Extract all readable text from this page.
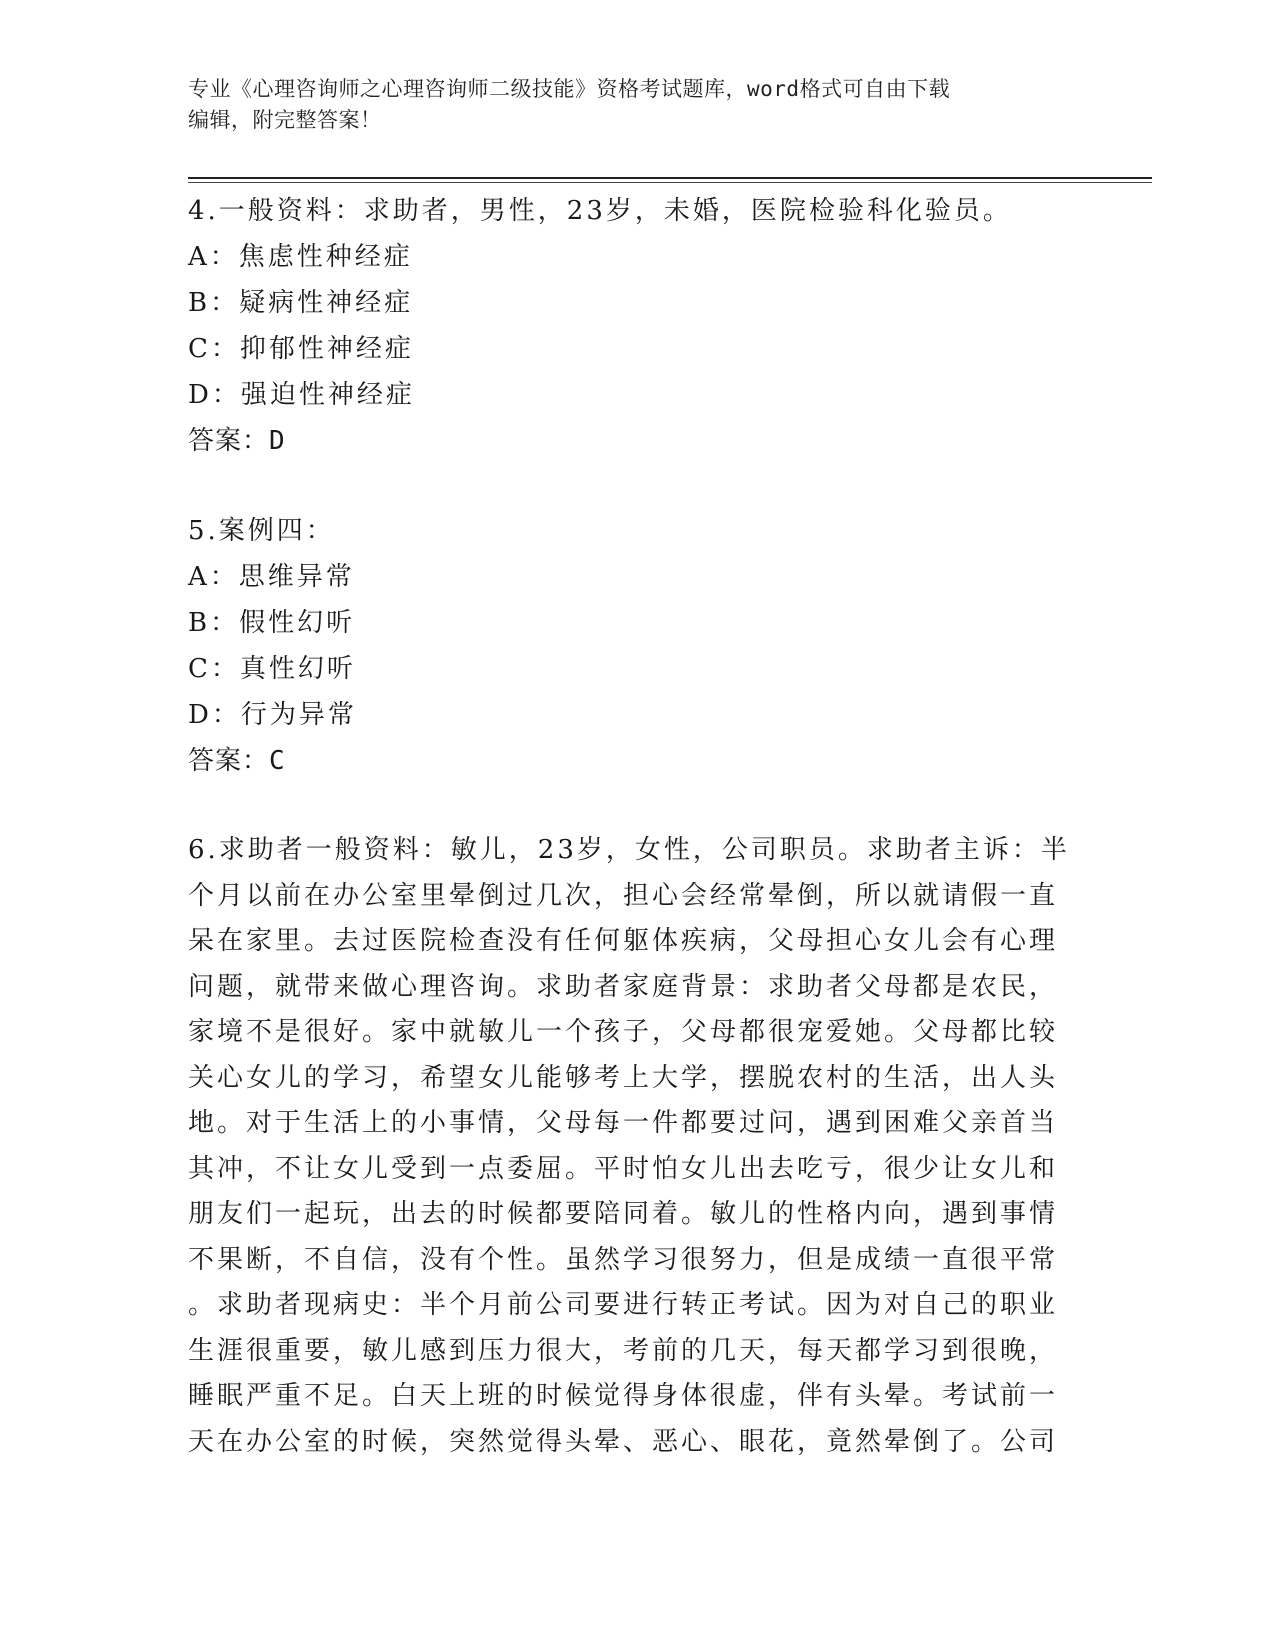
专业《心理咨询师之心理咨询师二级技能》资格考试题库，word格式可自由下载
编辑，附完整答案！
4.一般资料：求助者，男性，23岁，未婚，医院检验科化验员。
A：焦虑性种经症
B：疑病性神经症
C：抑郁性神经症
D：强迫性神经症
答案：D
5.案例四：
A：思维异常
B：假性幻听
C：真性幻听
D：行为异常
答案：C
6.求助者一般资料：敏儿，23岁，女性，公司职员。求助者主诉：半
个月以前在办公室里晕倒过几次，担心会经常晕倒，所以就请假一直
呆在家里。去过医院检查没有任何躯体疾病，父母担心女儿会有心理
问题，就带来做心理咨询。求助者家庭背景：求助者父母都是农民，
家境不是很好。家中就敏儿一个孩子，父母都很宠爱她。父母都比较
关心女儿的学习，希望女儿能够考上大学，摆脱农村的生活，出人头
地。对于生活上的小事情，父母每一件都要过问，遇到困难父亲首当
其冲，不让女儿受到一点委屈。平时怕女儿出去吃亏，很少让女儿和
朋友们一起玩，出去的时候都要陪同着。敏儿的性格内向，遇到事情
不果断，不自信，没有个性。虽然学习很努力，但是成绩一直很平常
。求助者现病史：半个月前公司要进行转正考试。因为对自己的职业
生涯很重要，敏儿感到压力很大，考前的几天，每天都学习到很晚，
睡眠严重不足。白天上班的时候觉得身体很虚，伴有头晕。考试前一
天在办公室的时候，突然觉得头晕、恶心、眼花，竟然晕倒了。公司
